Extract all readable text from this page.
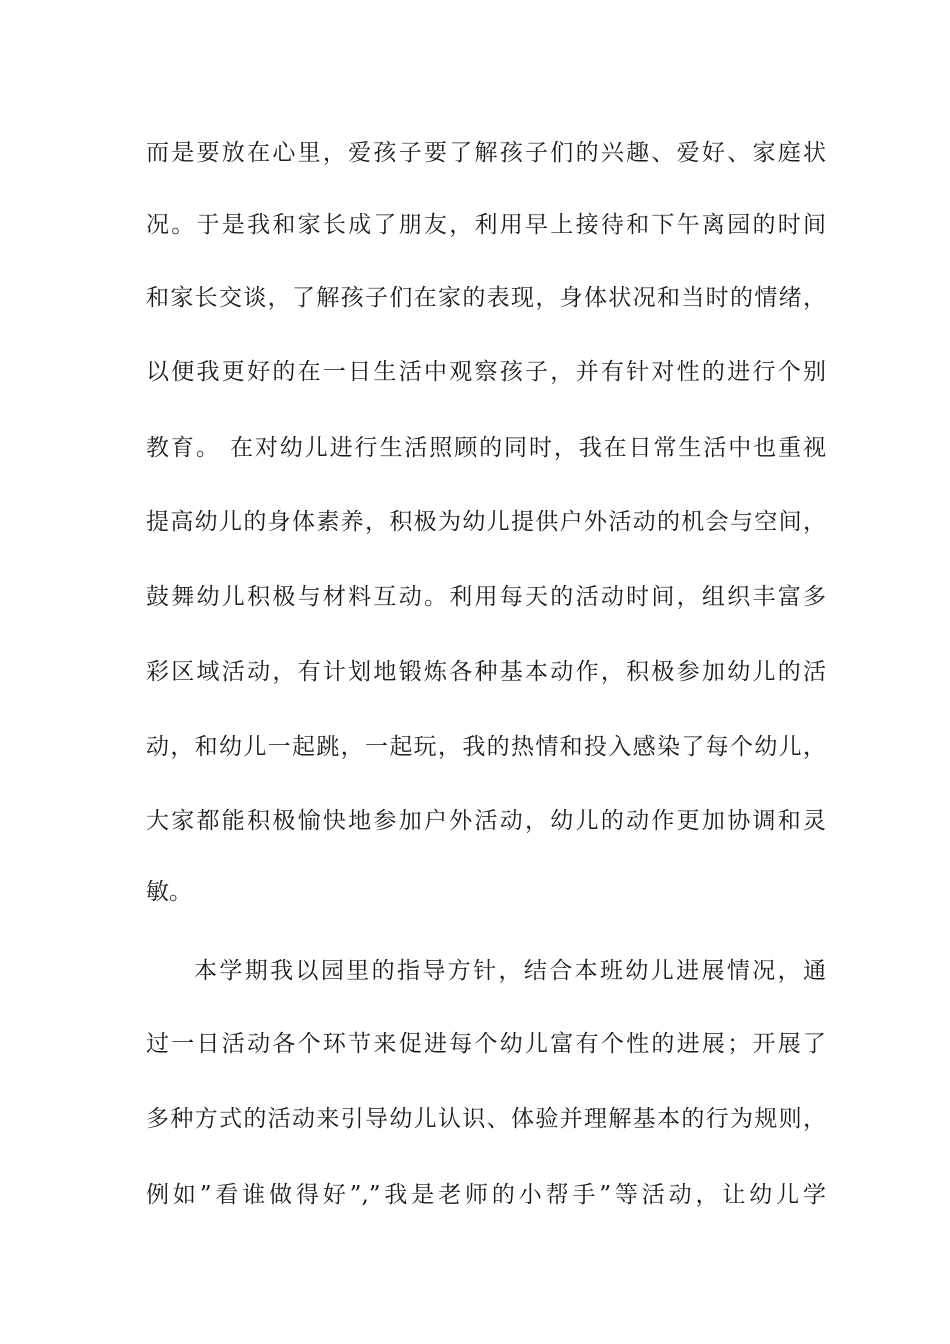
而是要放在心里，爱孩子要了解孩子们的兴趣、爱好、家庭状
况。于是我和家长成了朋友，利用早上接待和下午离园的时间
和家长交谈，了解孩子们在家的表现，身体状况和当时的情绪，
以便我更好的在一日生活中观察孩子，并有针对性的进行个别
教育。 在对幼儿进行生活照顾的同时，我在日常生活中也重视
提高幼儿的身体素养，积极为幼儿提供户外活动的机会与空间，
鼓舞幼儿积极与材料互动。利用每天的活动时间，组织丰富多
彩区域活动，有计划地锻炼各种基本动作，积极参加幼儿的活
动，和幼儿一起跳，一起玩，我的热情和投入感染了每个幼儿，
大家都能积极愉快地参加户外活动，幼儿的动作更加协调和灵
敏。
本学期我以园里的指导方针，结合本班幼儿进展情况，通
过一日活动各个环节来促进每个幼儿富有个性的进展；开展了
多种方式的活动来引导幼儿认识、体验并理解基本的行为规则，
例如”看谁做得好”,”我是老师的小帮手”等活动，让幼儿学
